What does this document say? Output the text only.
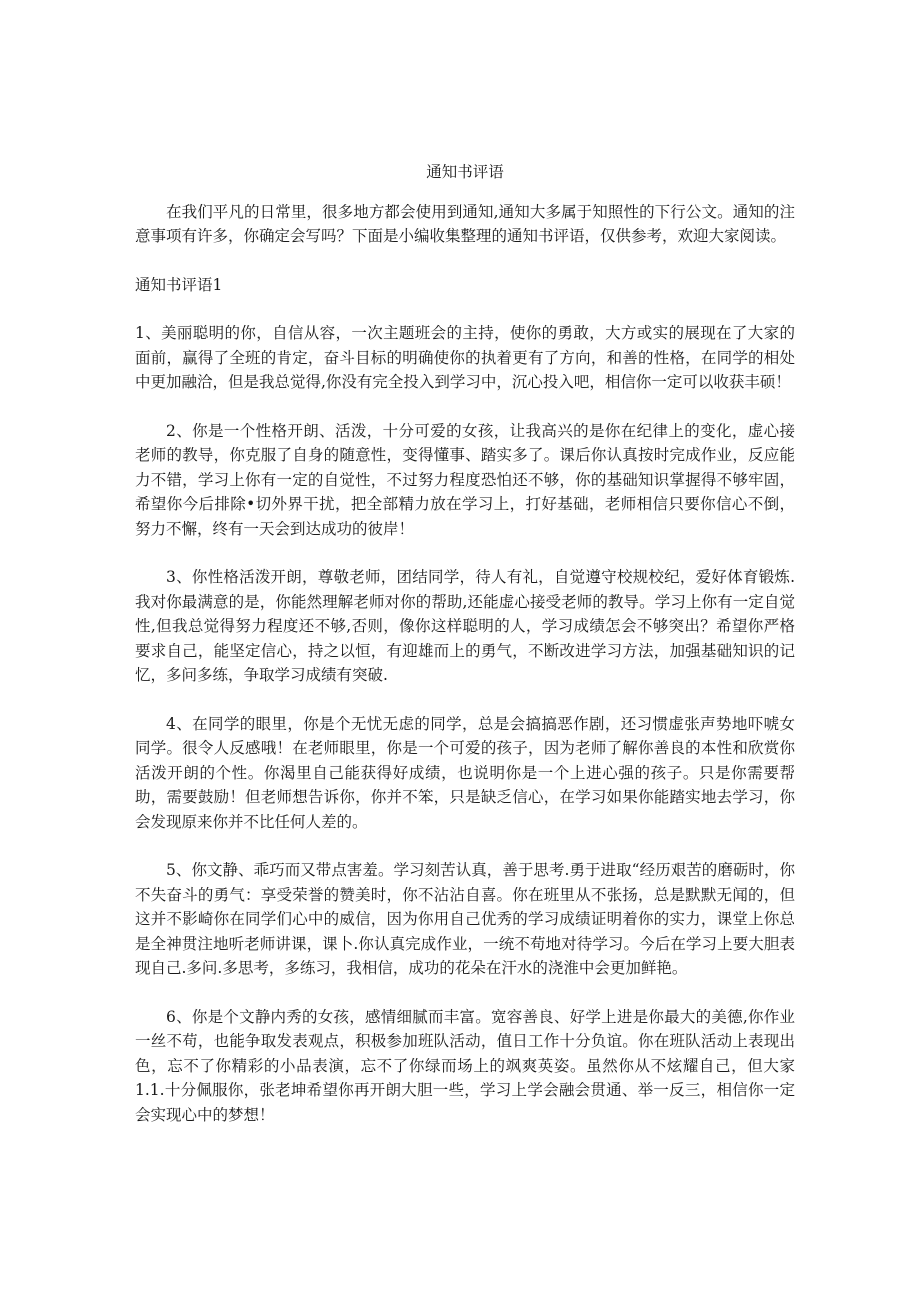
通知书评语

在我们平凡的日常里，很多地方都会使用到通知,通知大多属于知照性的下行公文。通知的注意事项有许多，你确定会写吗？下面是小编收集整理的通知书评语，仅供参考，欢迎大家阅读。

通知书评语1

1、美丽聪明的你，自信从容，一次主题班会的主持，使你的勇敢，大方或实的展现在了大家的面前，赢得了全班的肯定，奋斗目标的明确使你的执着更有了方向，和善的性格，在同学的相处中更加融洽，但是我总觉得,你没有完全投入到学习中，沉心投入吧，相信你一定可以收获丰硕！

2、你是一个性格开朗、活泼，十分可爱的女孩，让我高兴的是你在纪律上的变化，虚心接老师的教导，你克服了自身的随意性，变得懂事、踏实多了。课后你认真按时完成作业，反应能力不错，学习上你有一定的自觉性，不过努力程度恐怕还不够，你的基础知识掌握得不够牢固，希望你今后排除•切外界干扰，把全部精力放在学习上，打好基础，老师相信只要你信心不倒，努力不懈，终有一天会到达成功的彼岸！

3、你性格活泼开朗，尊敬老师，团结同学，待人有礼，自觉遵守校规校纪，爱好体育锻炼.我对你最满意的是，你能然理解老师对你的帮助,还能虚心接受老师的教导。学习上你有一定自觉性,但我总觉得努力程度还不够,否则，像你这样聪明的人，学习成绩怎会不够突出？希望你严格要求自己，能坚定信心，持之以恒，有迎雄而上的勇气，不断改进学习方法，加强基础知识的记忆，多问多练，争取学习成绩有突破.

4、在同学的眼里，你是个无忧无虑的同学，总是会搞搞恶作剧，还习惯虚张声势地吓唬女同学。很令人反感哦！在老师眼里，你是一个可爱的孩子，因为老师了解你善良的本性和欣赏你活泼开朗的个性。你渴里自己能获得好成绩，也说明你是一个上进心强的孩子。只是你需要帮助，需要鼓励！但老师想告诉你，你并不笨，只是缺乏信心，在学习如果你能踏实地去学习，你会发现原来你并不比任何人差的。

5、你文静、乖巧而又带点害羞。学习刻苦认真，善于思考.勇于进取“经历艰苦的磨砺时，你不失奋斗的勇气：享受荣誉的赞美时，你不沾沾自喜。你在班里从不张扬，总是默默无闻的，但这并不影崎你在同学们心中的威信，因为你用自己优秀的学习成绩证明着你的实力，课堂上你总是全神贯注地听老师讲课，课卜.你认真完成作业，一统不苟地对待学习。今后在学习上要大胆表现自己.多问.多思考，多练习，我相信，成功的花朵在汗水的浇淮中会更加鲜艳。

6、你是个文静内秀的女孩，感情细腻而丰富。宽容善良、好学上进是你最大的美德,你作业一丝不苟，也能争取发表观点，积极参加班队活动，值日工作十分负谊。你在班队活动上表现出色，忘不了你精彩的小品表演，忘不了你绿而场上的飒爽英姿。虽然你从不炫耀自己，但大家1.1.十分佩服你，张老坤希望你再开朗大胆一些，学习上学会融会贯通、举一反三，相信你一定会实现心中的梦想！
